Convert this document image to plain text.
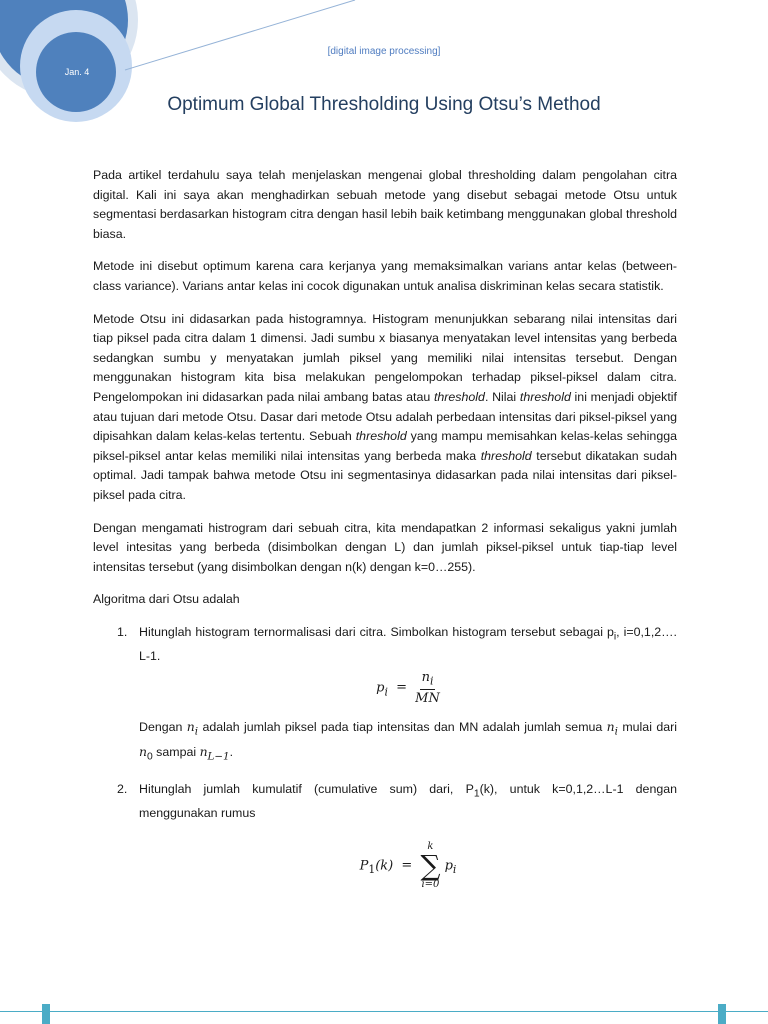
Jan. 4
[digital image processing]
Optimum Global Thresholding Using Otsu’s Method

Pada artikel terdahulu saya telah menjelaskan mengenai global thresholding dalam pengolahan citra digital. Kali ini saya akan menghadirkan sebuah metode yang disebut sebagai metode Otsu untuk segmentasi berdasarkan histogram citra dengan hasil lebih baik ketimbang menggunakan global threshold biasa.

Metode ini disebut optimum karena cara kerjanya yang memaksimalkan varians antar kelas (between-class variance). Varians antar kelas ini cocok digunakan untuk analisa diskriminan kelas secara statistik.

Metode Otsu ini didasarkan pada histogramnya. Histogram menunjukkan sebarang nilai intensitas dari tiap piksel pada citra dalam 1 dimensi. Jadi sumbu x biasanya menyatakan level intensitas yang berbeda sedangkan sumbu y menyatakan jumlah piksel yang memiliki nilai intensitas tersebut. Dengan menggunakan histogram kita bisa melakukan pengelompokan terhadap piksel-piksel dalam citra. Pengelompokan ini didasarkan pada nilai ambang batas atau threshold. Nilai threshold ini menjadi objektif atau tujuan dari metode Otsu. Dasar dari metode Otsu adalah perbedaan intensitas dari piksel-piksel yang dipisahkan dalam kelas-kelas tertentu. Sebuah threshold yang mampu memisahkan kelas-kelas sehingga piksel-piksel antar kelas memiliki nilai intensitas yang berbeda maka threshold tersebut dikatakan sudah optimal. Jadi tampak bahwa metode Otsu ini segmentasinya didasarkan pada nilai intensitas dari piksel-piksel pada citra.

Dengan mengamati histrogram dari sebuah citra, kita mendapatkan 2 informasi sekaligus yakni jumlah level intesitas yang berbeda (disimbolkan dengan L) dan jumlah piksel-piksel untuk tiap-tiap level intensitas tersebut (yang disimbolkan dengan n(k) dengan k=0…255).

Algoritma dari Otsu adalah

1. Hitunglah histogram ternormalisasi dari citra. Simbolkan histogram tersebut sebagai $p_i$, i=0,1,2…. L-1.

$p_i = \frac{n_i}{MN}$

Dengan $n_i$ adalah jumlah piksel pada tiap intensitas dan MN adalah jumlah semua $n_i$ mulai dari $n_0$ sampai $n_{L-1}$.

2. Hitunglah jumlah kumulatif (cumulative sum) dari, $P_1(k)$, untuk k=0,1,2…L-1 dengan menggunakan rumus

$P_1(k)$ =
k
∑
i=0
$p_i$
